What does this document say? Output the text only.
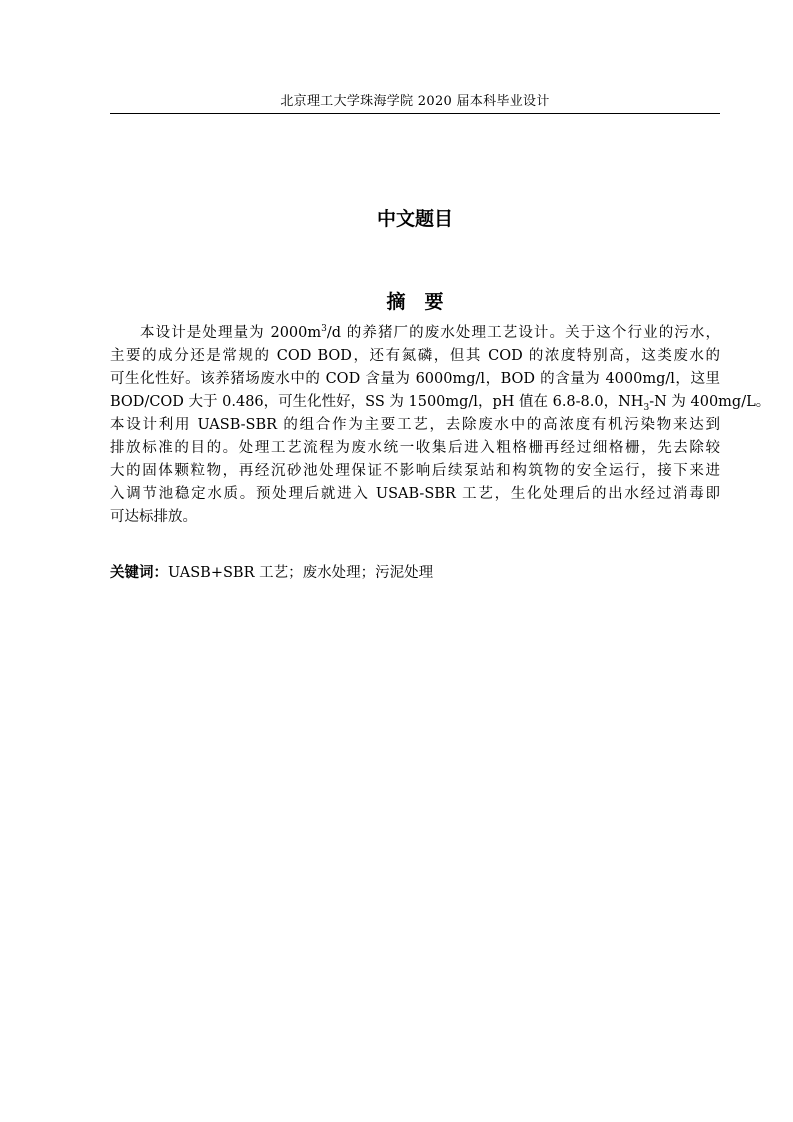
北京理工大学珠海学院 2020 届本科毕业设计
中文题目
摘　要
本设计是处理量为 $2000m^3/d$ 的养猪厂的废水处理工艺设计。关于这个行业的污水，
主要的成分还是常规的 COD BOD，还有氮磷，但其 COD 的浓度特别高，这类废水的
可生化性好。该养猪场废水中的 COD 含量为 6000mg/l，BOD 的含量为 4000mg/l，这里
BOD/COD 大于 0.486，可生化性好，SS 为 1500mg/l，pH 值在 6.8-8.0，$NH_3-N$ 为 400mg/L。
本设计利用 UASB-SBR 的组合作为主要工艺，去除废水中的高浓度有机污染物来达到
排放标准的目的。处理工艺流程为废水统一收集后进入粗格栅再经过细格栅，先去除较
大的固体颗粒物，再经沉砂池处理保证不影响后续泵站和构筑物的安全运行，接下来进
入调节池稳定水质。预处理后就进入 USAB-SBR 工艺，生化处理后的出水经过消毒即
可达标排放。
关键词：UASB+SBR 工艺；废水处理；污泥处理
